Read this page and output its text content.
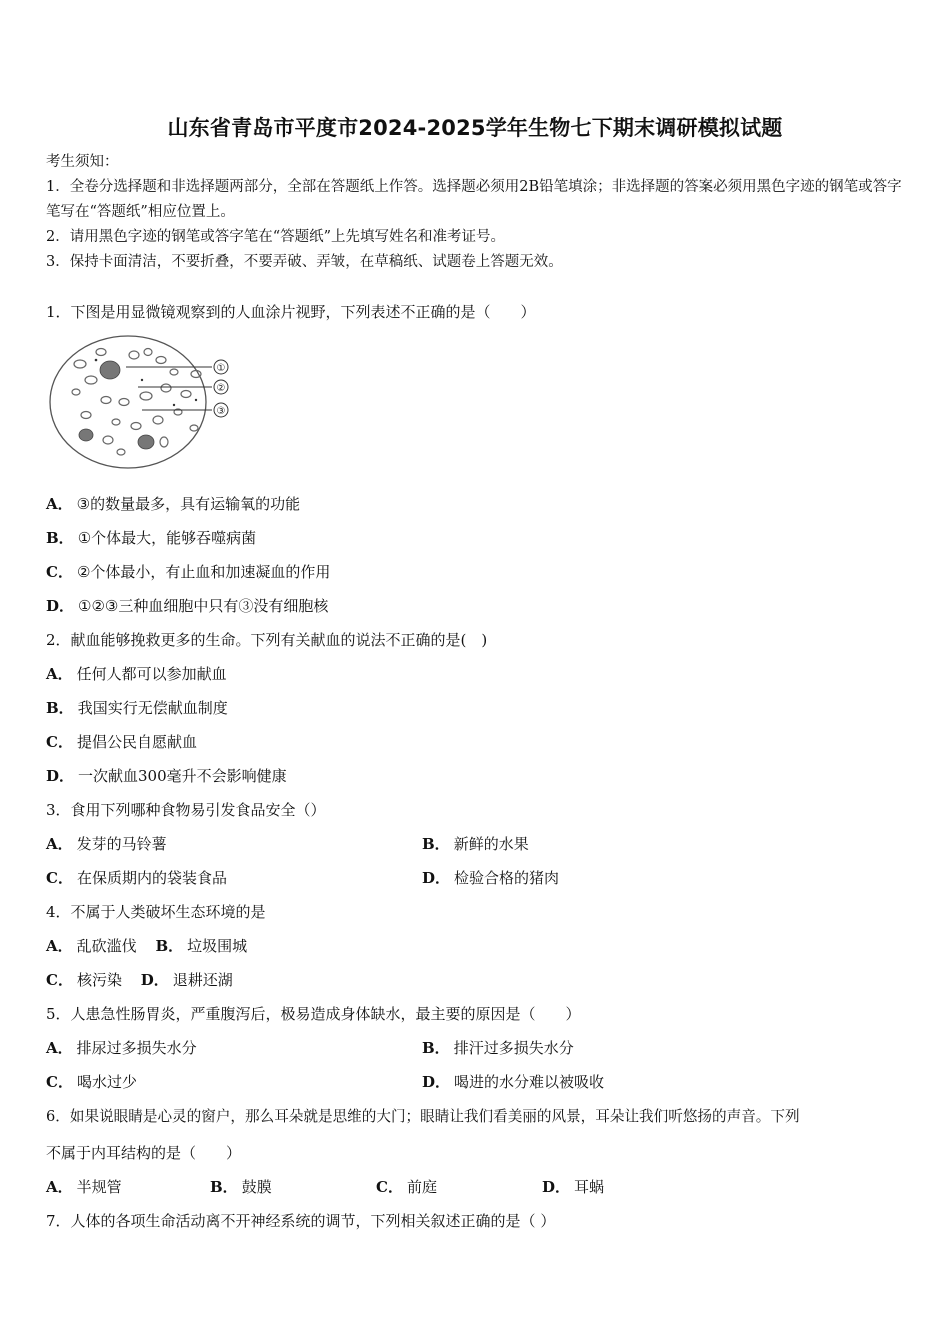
山东省青岛市平度市2024-2025学年生物七下期末调研模拟试题
考生须知：
1．全卷分选择题和非选择题两部分，全部在答题纸上作答。选择题必须用2B铅笔填涂；非选择题的答案必须用黑色字迹的钢笔或答字笔写在“答题纸”相应位置上。
2．请用黑色字迹的钢笔或答字笔在“答题纸”上先填写姓名和准考证号。
3．保持卡面清洁，不要折叠，不要弄破、弄皱，在草稿纸、试题卷上答题无效。
1．下图是用显微镜观察到的人血涂片视野，下列表述不正确的是（　　）
①
②
③
A． ③的数量最多，具有运输氧的功能
B． ①个体最大，能够吞噬病菌
C． ②个体最小，有止血和加速凝血的作用
D． ①②③三种血细胞中只有③没有细胞核
2．献血能够挽救更多的生命。下列有关献血的说法不正确的是(　)
A． 任何人都可以参加献血
B． 我国实行无偿献血制度
C． 提倡公民自愿献血
D． 一次献血300毫升不会影响健康
3．食用下列哪种食物易引发食品安全（）
A． 发芽的马铃薯	B． 新鲜的水果
C． 在保质期内的袋装食品	D． 检验合格的猪肉
4．不属于人类破坏生态环境的是
A． 乱砍滥伐 B． 垃圾围城
C． 核污染 D． 退耕还湖
5．人患急性肠胃炎，严重腹泻后，极易造成身体缺水，最主要的原因是（　　）
A． 排尿过多损失水分	B． 排汗过多损失水分
C． 喝水过少	D． 喝进的水分难以被吸收
6．如果说眼睛是心灵的窗户，那么耳朵就是思维的大门；眼睛让我们看美丽的风景，耳朵让我们听悠扬的声音。下列
不属于内耳结构的是（　　）
A． 半规管	B． 鼓膜	C． 前庭	D． 耳蜗
7．人体的各项生命活动离不开神经系统的调节，下列相关叙述正确的是（ ）
